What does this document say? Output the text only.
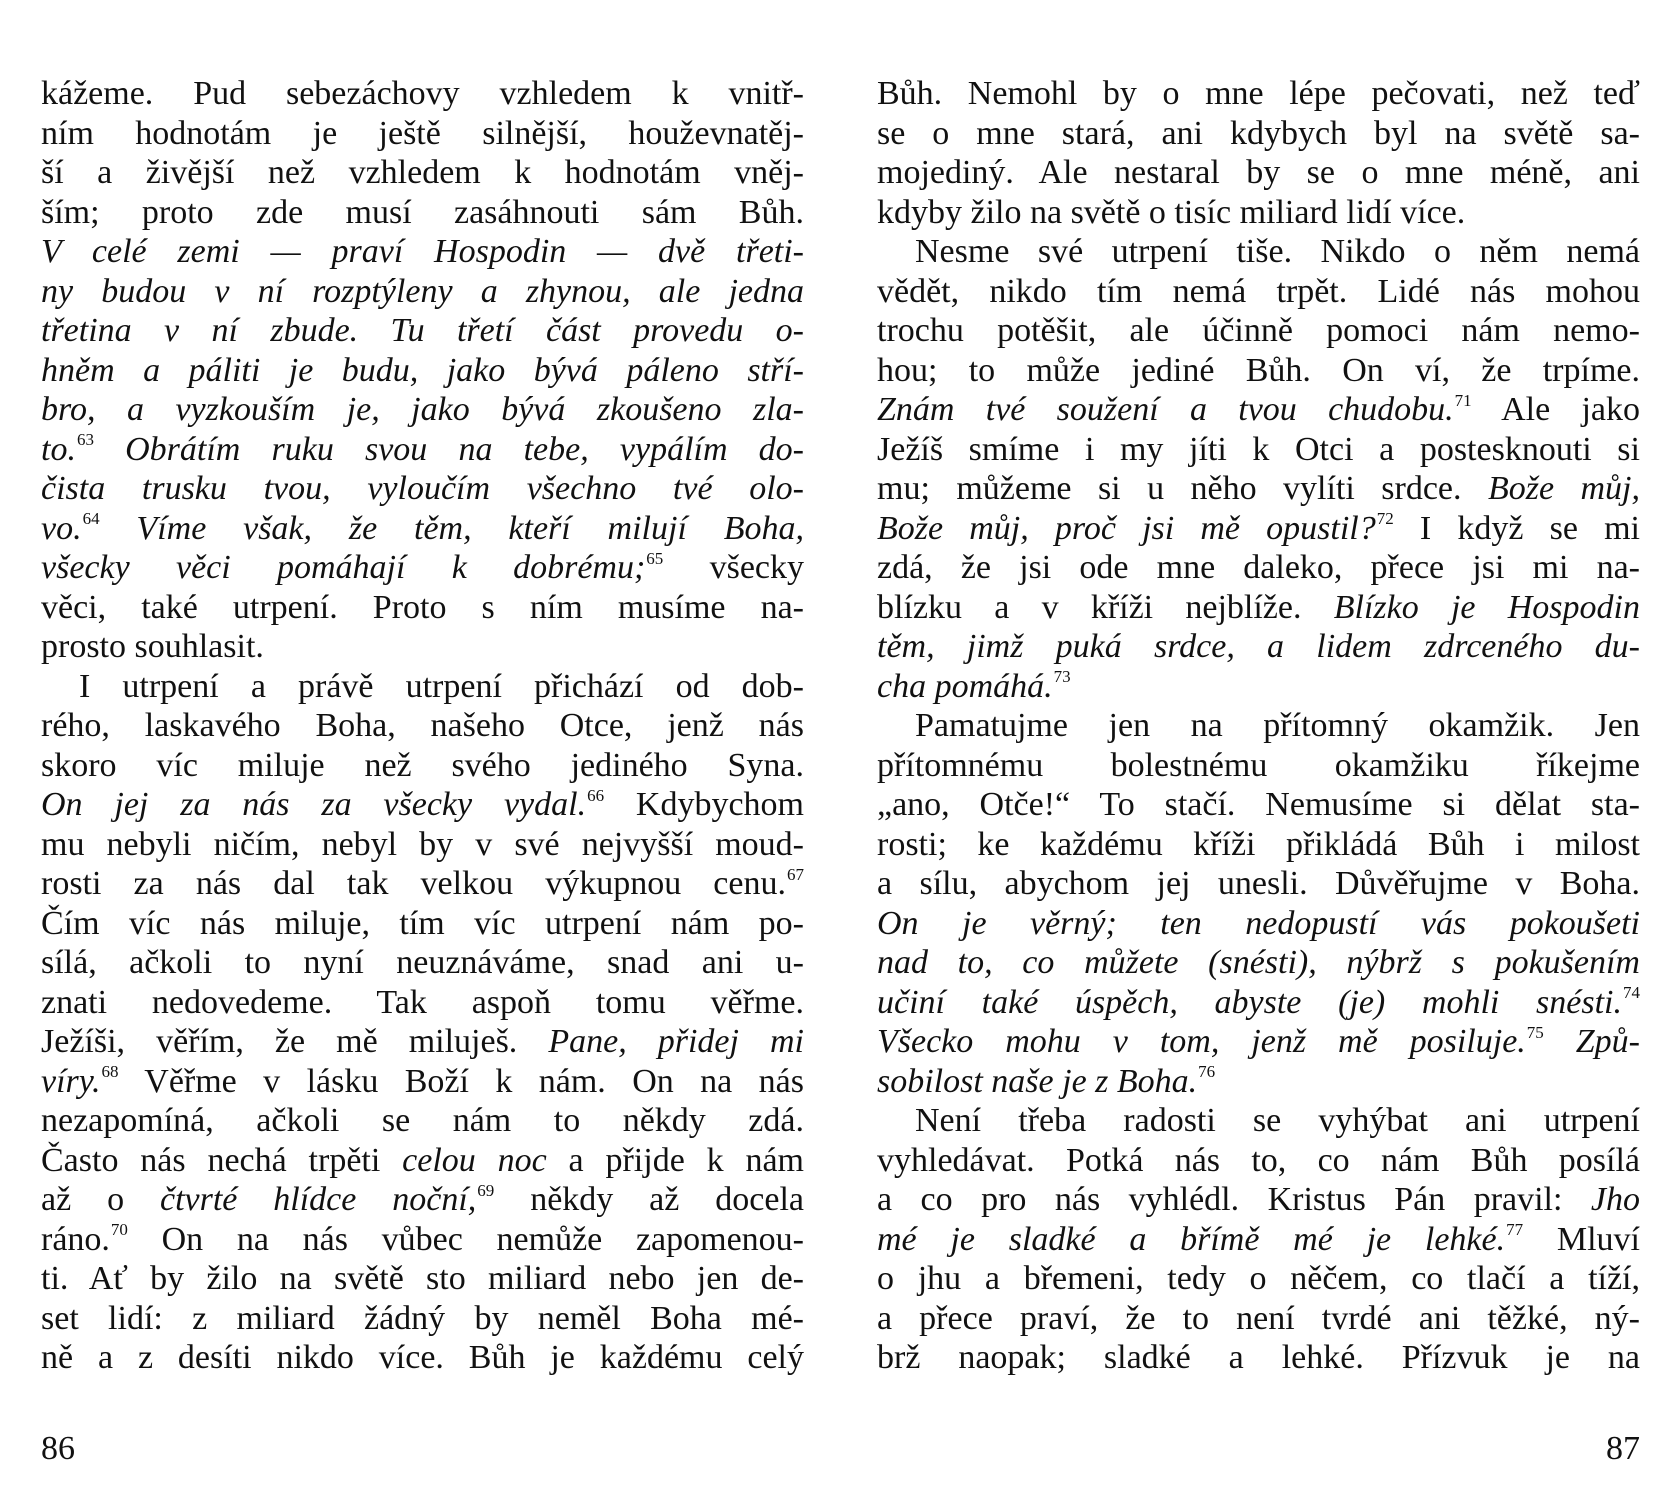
kážeme. Pud sebezáchovy vzhledem k vnitř-
ním hodnotám je ještě silnější, houževnatěj-
ší a živější než vzhledem k hodnotám vněj-
ším; proto zde musí zasáhnouti sám Bůh.
V celé zemi — praví Hospodin — dvě třeti-
ny budou v ní rozptýleny a zhynou, ale jedna
třetina v ní zbude. Tu třetí část provedu o-
hněm a páliti je budu, jako bývá páleno stří-
bro, a vyzkouším je, jako bývá zkoušeno zla-
to.$^{63}$ Obrátím ruku svou na tebe, vypálím do-
čista trusku tvou, vyloučím všechno tvé olo-
vo.$^{64}$ Víme však, že těm, kteří milují Boha,
všecky věci pomáhají k dobrému;$^{65}$ všecky
věci, také utrpení. Proto s ním musíme na-
prosto souhlasit.
I utrpení a právě utrpení přichází od dob-
rého, laskavého Boha, našeho Otce, jenž nás
skoro víc miluje než svého jediného Syna.
On jej za nás za všecky vydal.$^{66}$ Kdybychom
mu nebyli ničím, nebyl by v své nejvyšší moud-
rosti za nás dal tak velkou výkupnou cenu.$^{67}$
Čím víc nás miluje, tím víc utrpení nám po-
sílá, ačkoli to nyní neuznáváme, snad ani u-
znati nedovedeme. Tak aspoň tomu věřme.
Ježíši, věřím, že mě miluješ. Pane, přidej mi
víry.$^{68}$ Věřme v lásku Boží k nám. On na nás
nezapomíná, ačkoli se nám to někdy zdá.
Často nás nechá trpěti celou noc a přijde k nám
až o čtvrté hlídce noční,$^{69}$ někdy až docela
ráno.$^{70}$ On na nás vůbec nemůže zapomenou-
ti. Ať by žilo na světě sto miliard nebo jen de-
set lidí: z miliard žádný by neměl Boha mé-
ně a z desíti nikdo více. Bůh je každému celý
Bůh. Nemohl by o mne lépe pečovati, než teď
se o mne stará, ani kdybych byl na světě sa-
mojediný. Ale nestaral by se o mne méně, ani
kdyby žilo na světě o tisíc miliard lidí více.
Nesme své utrpení tiše. Nikdo o něm nemá
vědět, nikdo tím nemá trpět. Lidé nás mohou
trochu potěšit, ale účinně pomoci nám nemo-
hou; to může jediné Bůh. On ví, že trpíme.
Znám tvé soužení a tvou chudobu.$^{71}$ Ale jako
Ježíš smíme i my jíti k Otci a postesknouti si
mu; můžeme si u něho vylíti srdce. Bože můj,
Bože můj, proč jsi mě opustil?$^{72}$ I když se mi
zdá, že jsi ode mne daleko, přece jsi mi na-
blízku a v kříži nejblíže. Blízko je Hospodin
těm, jimž puká srdce, a lidem zdrceného du-
cha pomáhá.$^{73}$
Pamatujme jen na přítomný okamžik. Jen
přítomnému bolestnému okamžiku říkejme
„ano, Otče!“ To stačí. Nemusíme si dělat sta-
rosti; ke každému kříži přikládá Bůh i milost
a sílu, abychom jej unesli. Důvěřujme v Boha.
On je věrný; ten nedopustí vás pokoušeti
nad to, co můžete (snésti), nýbrž s pokušením
učiní také úspěch, abyste (je) mohli snésti.$^{74}$
Všecko mohu v tom, jenž mě posiluje.$^{75}$ Způ-
sobilost naše je z Boha.$^{76}$
Není třeba radosti se vyhýbat ani utrpení
vyhledávat. Potká nás to, co nám Bůh posílá
a co pro nás vyhlédl. Kristus Pán pravil: Jho
mé je sladké a břímě mé je lehké.$^{77}$ Mluví
o jhu a břemeni, tedy o něčem, co tlačí a tíží,
a přece praví, že to není tvrdé ani těžké, ný-
brž naopak; sladké a lehké. Přízvuk je na
86	87
